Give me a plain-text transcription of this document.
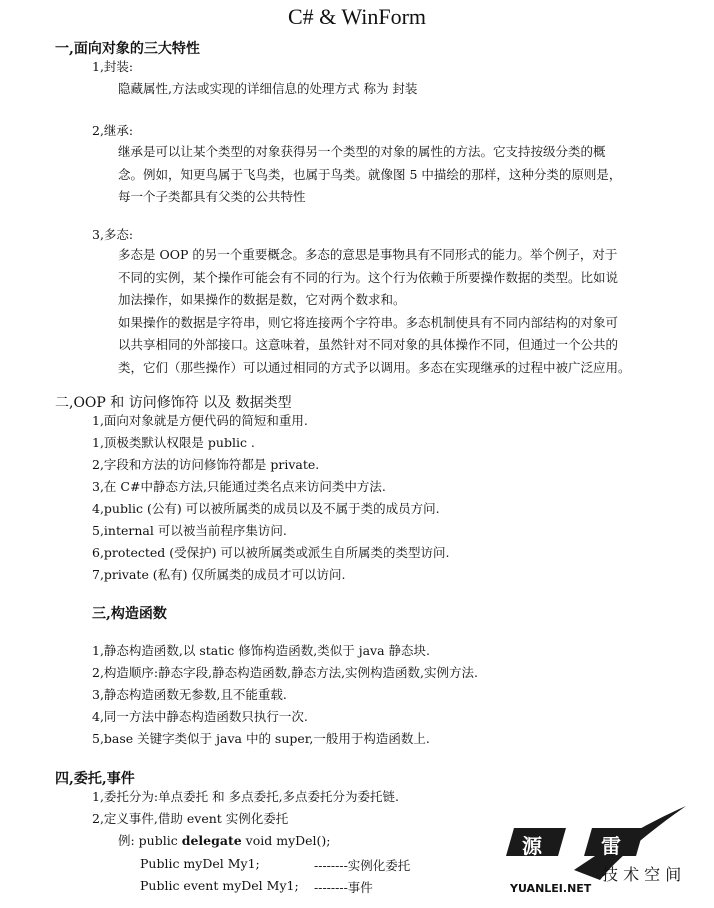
C# & WinForm
一,面向对象的三大特性
1,封装:
隐藏属性,方法或实现的详细信息的处理方式 称为 封装
2,继承:

继承是可以让某个类型的对象获得另一个类型的对象的属性的方法。它支持按级分类的概

念。例如，知更鸟属于飞鸟类，也属于鸟类。就像图 5 中描绘的那样，这种分类的原则是，

每一个子类都具有父类的公共特性

3,多态:

多态是 OOP 的另一个重要概念。多态的意思是事物具有不同形式的能力。举个例子，对于

不同的实例，某个操作可能会有不同的行为。这个行为依赖于所要操作数据的类型。比如说

加法操作，如果操作的数据是数，它对两个数求和。

如果操作的数据是字符串，则它将连接两个字符串。多态机制使具有不同内部结构的对象可

以共享相同的外部接口。这意味着，虽然针对不同对象的具体操作不同，但通过一个公共的

类，它们（那些操作）可以通过相同的方式予以调用。多态在实现继承的过程中被广泛应用。

二,OOP 和 访问修饰符 以及 数据类型
1,面向对象就是方便代码的简短和重用.
1,顶极类默认权限是 public .
2,字段和方法的访问修饰符都是 private.
3,在 C#中静态方法,只能通过类名点来访问类中方法.
4,public (公有) 可以被所属类的成员以及不属于类的成员方问.
5,internal 可以被当前程序集访问.
6,protected (受保护) 可以被所属类或派生自所属类的类型访问.
7,private (私有) 仅所属类的成员才可以访问.
三,构造函数
1,静态构造函数,以 static 修饰构造函数,类似于 java 静态块.
2,构造顺序:静态字段,静态构造函数,静态方法,实例构造函数,实例方法.
3,静态构造函数无参数,且不能重载.
4,同一方法中静态构造函数只执行一次.
5,base 关键字类似于 java 中的 super,一般用于构造函数上.
四,委托,事件
1,委托分为:单点委托 和 多点委托,多点委托分为委托链.
2,定义事件,借助 event 实例化委托
例: public delegate void myDel();
Public myDel My1;	--------实例化委托
Public event myDel My1; --------事件
源	雷
技 术 空 间
YUANLEI.NET
